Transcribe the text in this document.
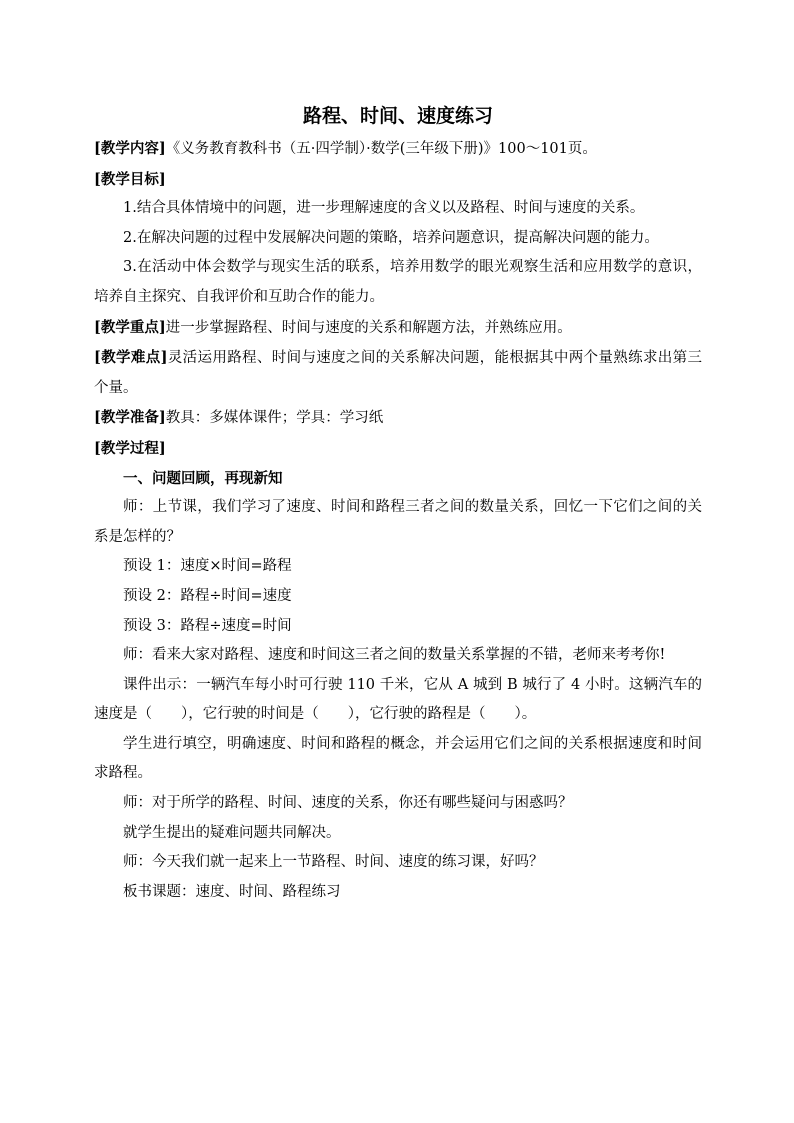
路程、时间、速度练习

[教学内容]《义务教育教科书（五·四学制）·数学(三年级下册)》100～101页。

[教学目标]

1.结合具体情境中的问题，进一步理解速度的含义以及路程、时间与速度的关系。

2.在解决问题的过程中发展解决问题的策略，培养问题意识，提高解决问题的能力。

3.在活动中体会数学与现实生活的联系，培养用数学的眼光观察生活和应用数学的意识，培养自主探究、自我评价和互助合作的能力。

[教学重点]进一步掌握路程、时间与速度的关系和解题方法，并熟练应用。

[教学难点]灵活运用路程、时间与速度之间的关系解决问题，能根据其中两个量熟练求出第三个量。

[教学准备]教具：多媒体课件；学具：学习纸

[教学过程]

一、问题回顾，再现新知

师：上节课，我们学习了速度、时间和路程三者之间的数量关系，回忆一下它们之间的关系是怎样的？

预设 1：速度×时间=路程

预设 2：路程÷时间=速度

预设 3：路程÷速度=时间

师：看来大家对路程、速度和时间这三者之间的数量关系掌握的不错，老师来考考你!

课件出示：一辆汽车每小时可行驶 110 千米，它从 A 城到 B 城行了 4 小时。这辆汽车的速度是（　　），它行驶的时间是（　　），它行驶的路程是（　　）。

学生进行填空，明确速度、时间和路程的概念，并会运用它们之间的关系根据速度和时间求路程。

师：对于所学的路程、时间、速度的关系，你还有哪些疑问与困惑吗？

就学生提出的疑难问题共同解决。

师：今天我们就一起来上一节路程、时间、速度的练习课，好吗？

板书课题：速度、时间、路程练习
